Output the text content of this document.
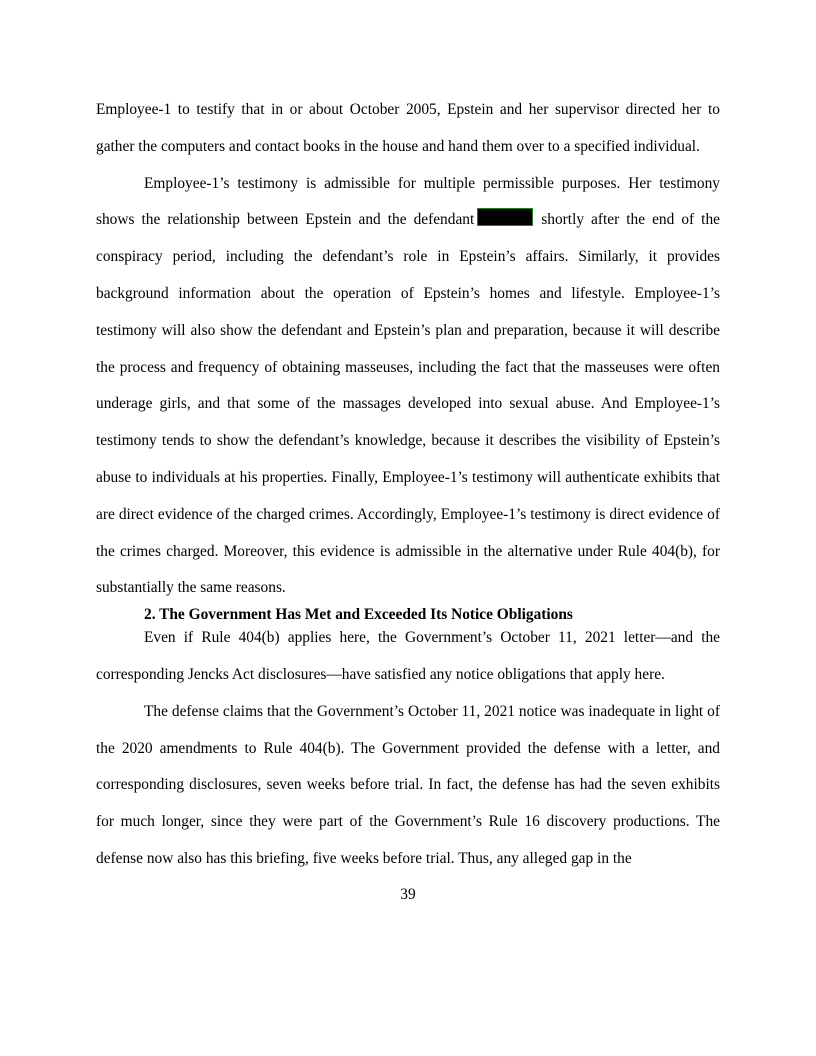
Employee-1 to testify that in or about October 2005, Epstein and her supervisor directed her to gather the computers and contact books in the house and hand them over to a specified individual.

Employee-1’s testimony is admissible for multiple permissible purposes. Her testimony shows the relationship between Epstein and the defendant	shortly after the end of the conspiracy period, including the defendant’s role in Epstein’s affairs. Similarly, it provides background information about the operation of Epstein’s homes and lifestyle. Employee-1’s testimony will also show the defendant and Epstein’s plan and preparation, because it will describe the process and frequency of obtaining masseuses, including the fact that the masseuses were often underage girls, and that some of the massages developed into sexual abuse. And Employee-1’s testimony tends to show the defendant’s knowledge, because it describes the visibility of Epstein’s abuse to individuals at his properties. Finally, Employee-1’s testimony will authenticate exhibits that are direct evidence of the charged crimes. Accordingly, Employee-1’s testimony is direct evidence of the crimes charged. Moreover, this evidence is admissible in the alternative under Rule 404(b), for substantially the same reasons.

2. The Government Has Met and Exceeded Its Notice Obligations

Even if Rule 404(b) applies here, the Government’s October 11, 2021 letter—and the corresponding Jencks Act disclosures—have satisfied any notice obligations that apply here.

The defense claims that the Government’s October 11, 2021 notice was inadequate in light of the 2020 amendments to Rule 404(b). The Government provided the defense with a letter, and corresponding disclosures, seven weeks before trial. In fact, the defense has had the seven exhibits for much longer, since they were part of the Government’s Rule 16 discovery productions. The defense now also has this briefing, five weeks before trial. Thus, any alleged gap in the

39
